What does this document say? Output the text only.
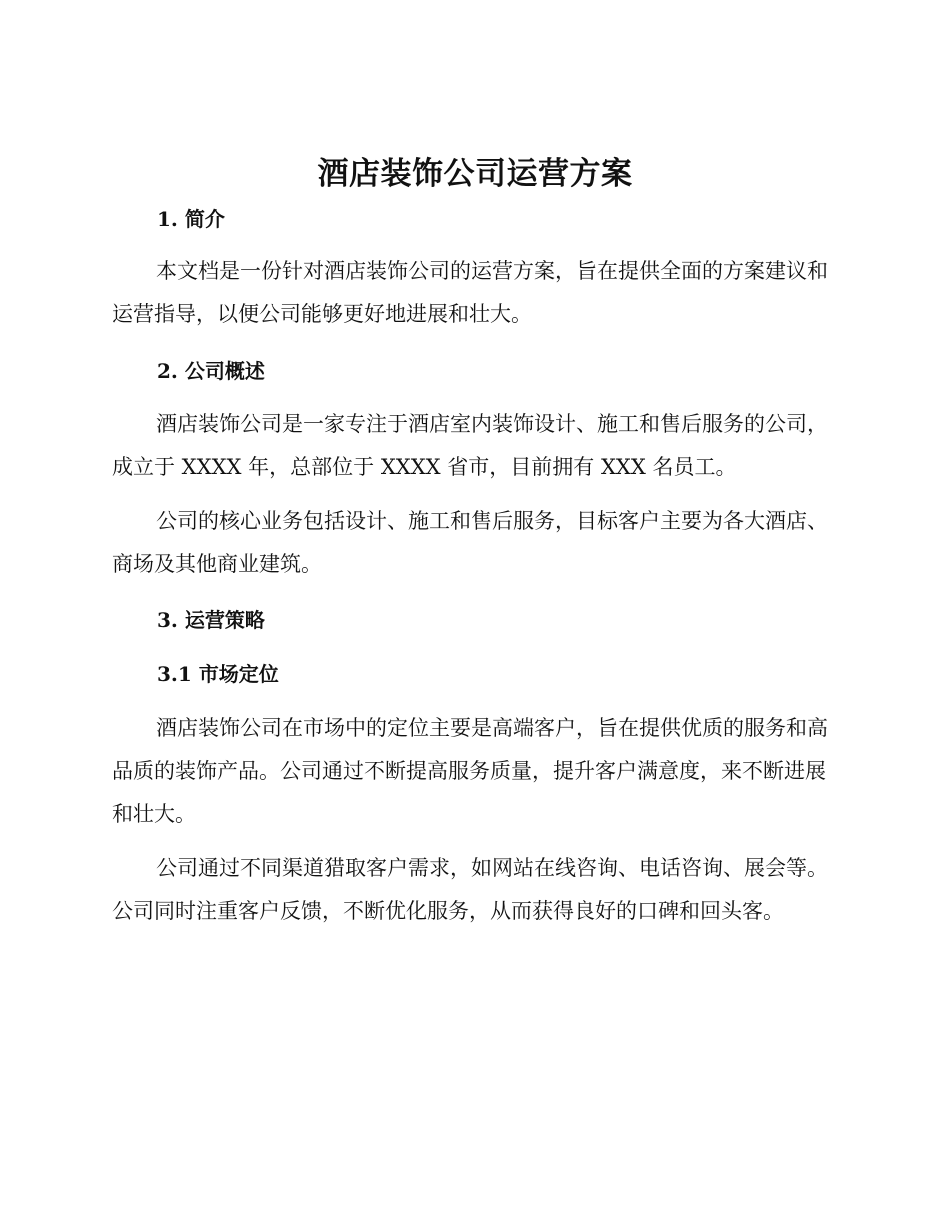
酒店装饰公司运营方案
1. 简介

本文档是一份针对酒店装饰公司的运营方案，旨在提供全面的方案建议和运营指导，以便公司能够更好地进展和壮大。

2. 公司概述

酒店装饰公司是一家专注于酒店室内装饰设计、施工和售后服务的公司，成立于 XXXX 年，总部位于 XXXX 省市，目前拥有 XXX 名员工。

公司的核心业务包括设计、施工和售后服务，目标客户主要为各大酒店、商场及其他商业建筑。

3. 运营策略
3.1 市场定位

酒店装饰公司在市场中的定位主要是高端客户，旨在提供优质的服务和高品质的装饰产品。公司通过不断提高服务质量，提升客户满意度，来不断进展和壮大。

公司通过不同渠道猎取客户需求，如网站在线咨询、电话咨询、展会等。公司同时注重客户反馈，不断优化服务，从而获得良好的口碑和回头客。
